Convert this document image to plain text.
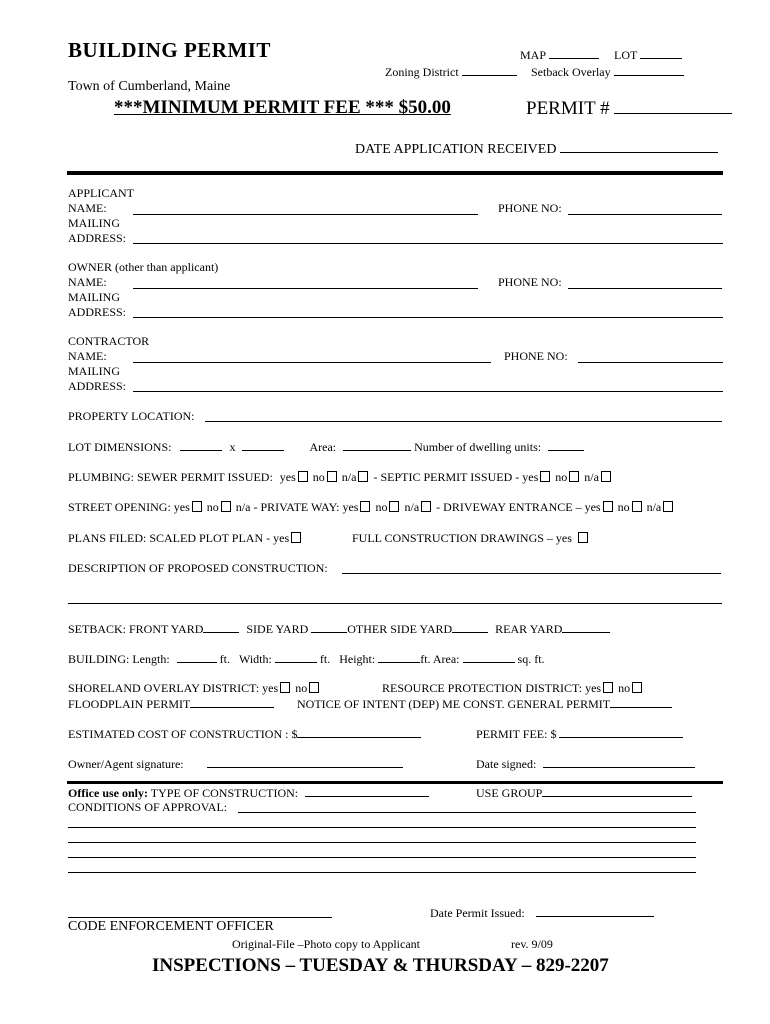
BUILDING PERMIT	MAP	LOT
Zoning District	Setback Overlay
Town of Cumberland, Maine
***MINIMUM PERMIT FEE *** $50.00	PERMIT #
DATE APPLICATION RECEIVED
APPLICANT
NAME:	PHONE NO:
MAILING
ADDRESS:
OWNER (other than applicant)
NAME:	PHONE NO:
MAILING
ADDRESS:
CONTRACTOR
NAME:	PHONE NO:
MAILING
ADDRESS:
PROPERTY LOCATION:
LOT DIMENSIONS:	x	Area:	Number of dwelling units:
PLUMBING: SEWER PERMIT ISSUED: yes no n/a - SEPTIC PERMIT ISSUED - yes no n/a
STREET OPENING: yes no n/a - PRIVATE WAY: yes no n/a - DRIVEWAY ENTRANCE – yes no n/a
PLANS FILED: SCALED PLOT PLAN - yes	FULL CONSTRUCTION DRAWINGS – yes
DESCRIPTION OF PROPOSED CONSTRUCTION:
SETBACK: FRONT YARD	SIDE YARD	OTHER SIDE YARD	REAR YARD
BUILDING: Length:	ft. Width:	ft. Height:	ft. Area:	sq. ft.
SHORELAND OVERLAY DISTRICT: yes no	RESOURCE PROTECTION DISTRICT: yes no
FLOODPLAIN PERMIT	NOTICE OF INTENT (DEP) ME CONST. GENERAL PERMIT
ESTIMATED COST OF CONSTRUCTION : $	PERMIT FEE: $
Owner/Agent signature:	Date signed:
Office use only: TYPE OF CONSTRUCTION:	USE GROUP
CONDITIONS OF APPROVAL:
Date Permit Issued:
CODE ENFORCEMENT OFFICER
Original-File –Photo copy to Applicant	rev. 9/09
INSPECTIONS – TUESDAY & THURSDAY – 829-2207
